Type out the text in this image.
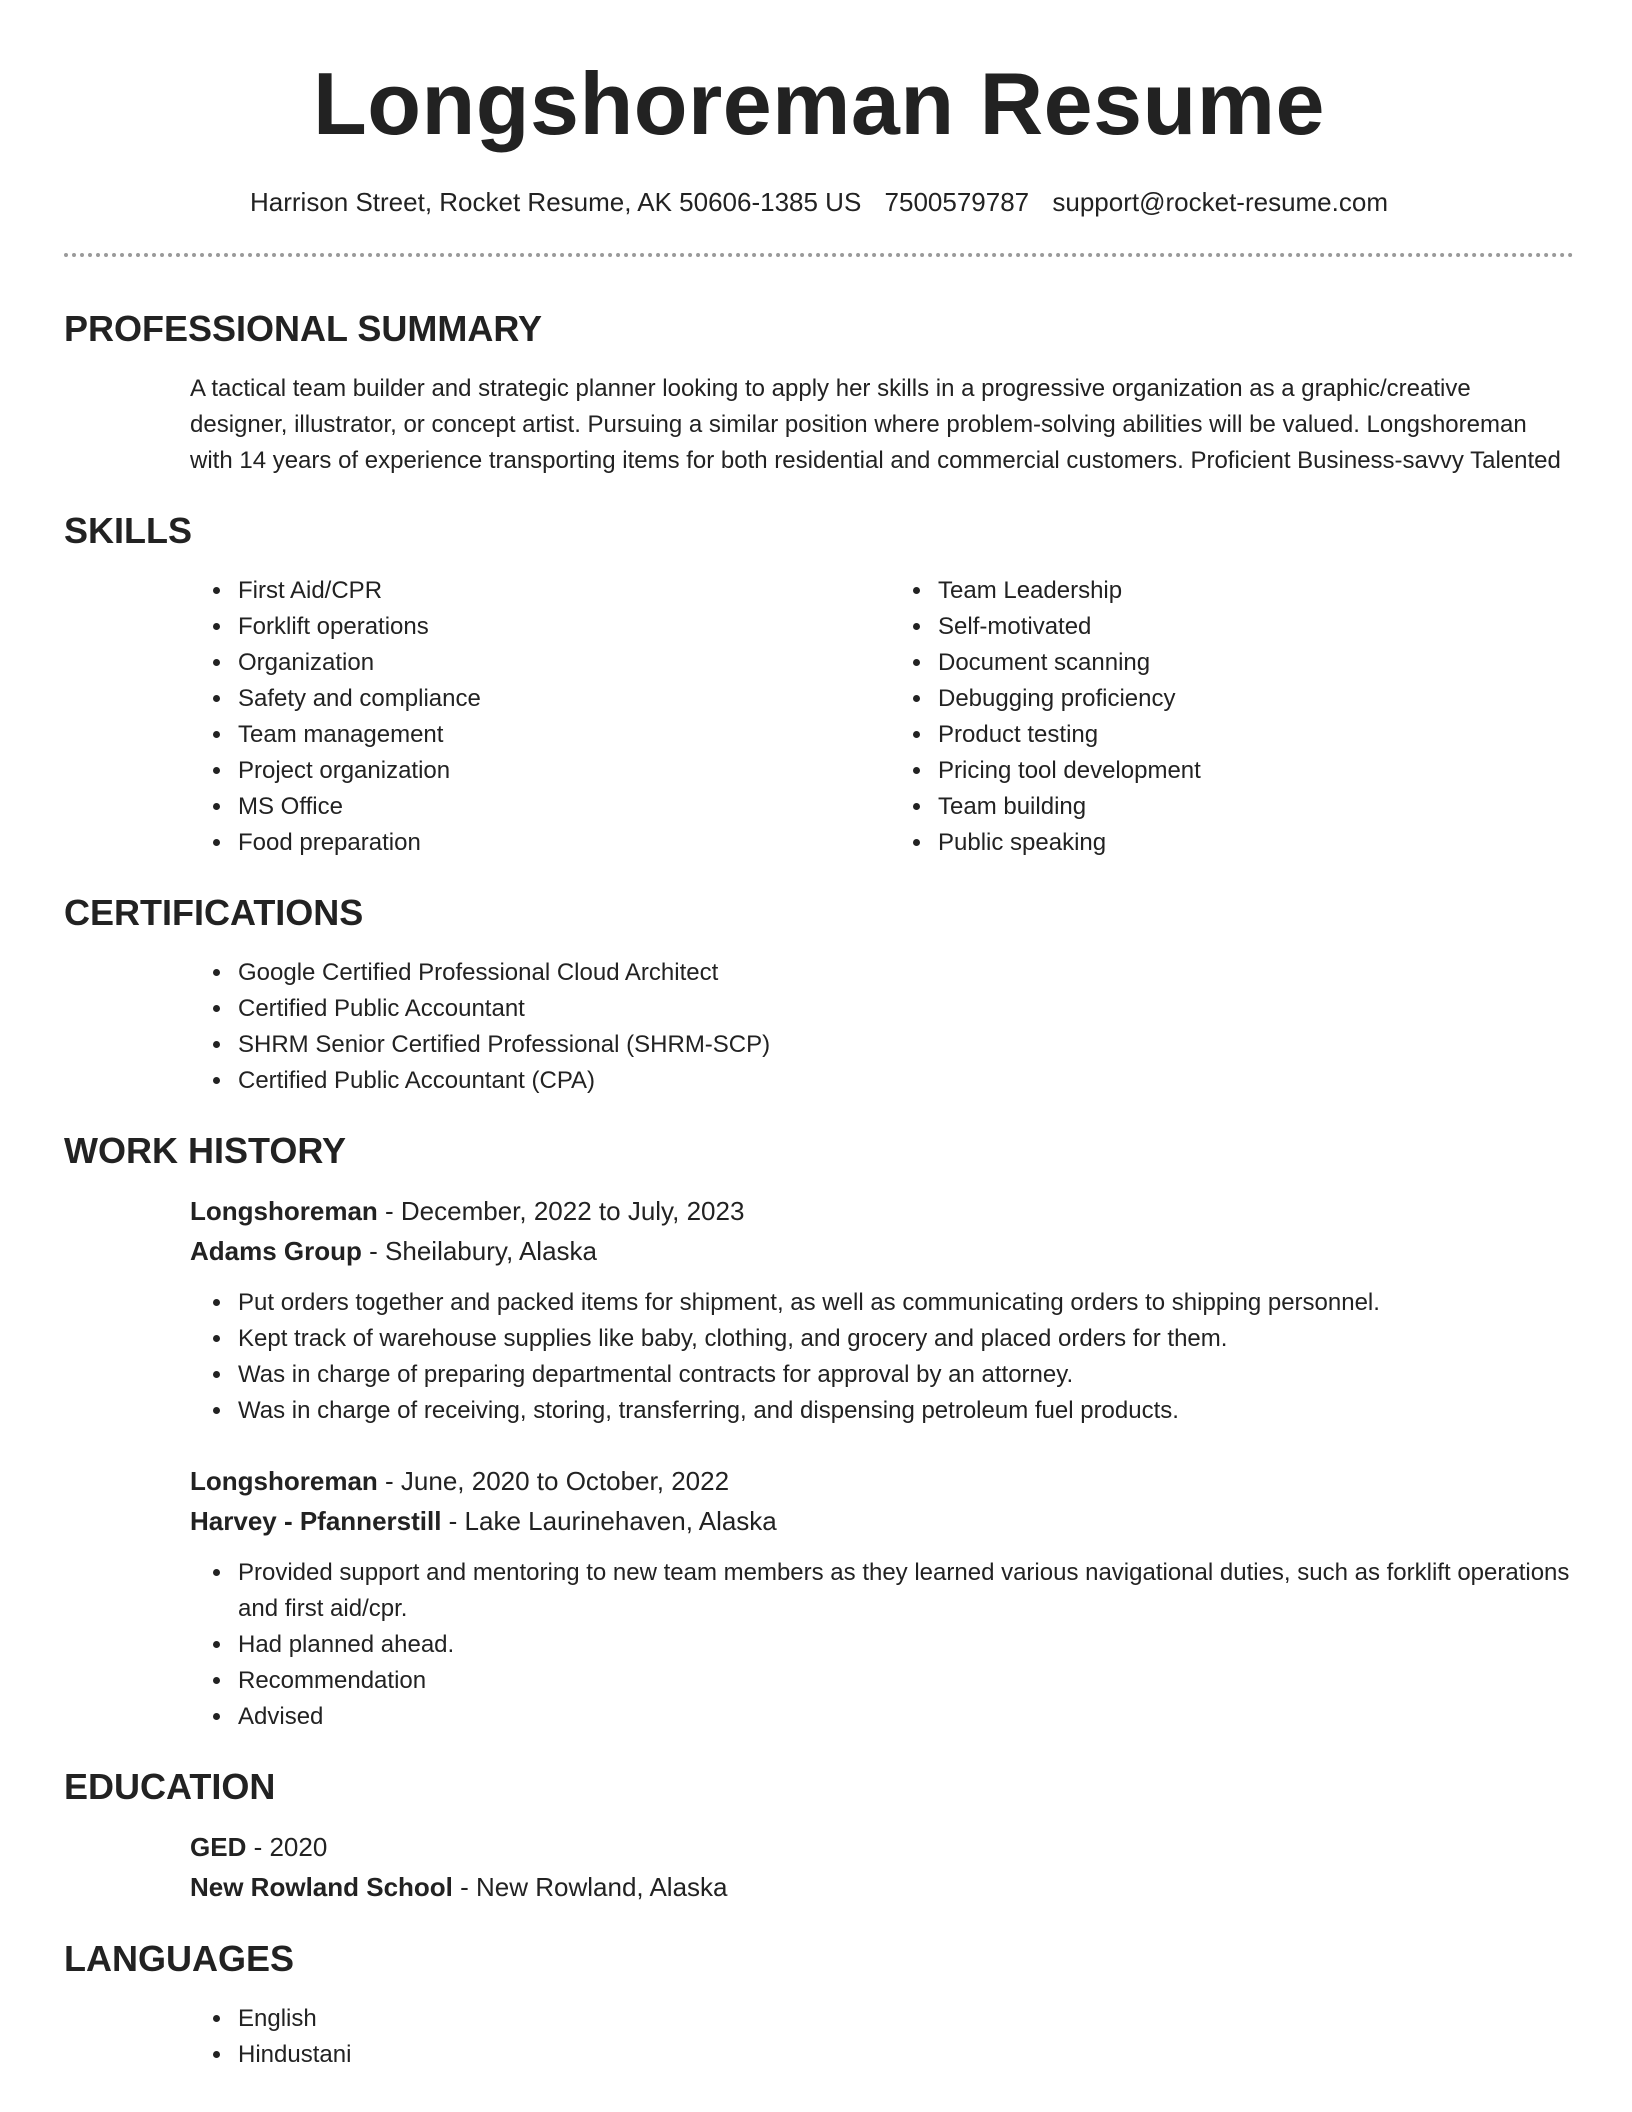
Longshoreman Resume
Harrison Street, Rocket Resume, AK 50606-1385 US 7500579787 support@rocket-resume.com
PROFESSIONAL SUMMARY

A tactical team builder and strategic planner looking to apply her skills in a progressive organization as a graphic/creative designer, illustrator, or concept artist. Pursuing a similar position where problem-solving abilities will be valued. Longshoreman with 14 years of experience transporting items for both residential and commercial customers. Proficient Business-savvy Talented

SKILLS
• First Aid/CPR
• Forklift operations
• Organization
• Safety and compliance
• Team management
• Project organization
• MS Office
• Food preparation
• Team Leadership
• Self-motivated
• Document scanning
• Debugging proficiency
• Product testing
• Pricing tool development
• Team building
• Public speaking
CERTIFICATIONS
• Google Certified Professional Cloud Architect
• Certified Public Accountant
• SHRM Senior Certified Professional (SHRM-SCP)
• Certified Public Accountant (CPA)
WORK HISTORY
Longshoreman - December, 2022 to July, 2023
Adams Group - Sheilabury, Alaska
• Put orders together and packed items for shipment, as well as communicating orders to shipping personnel.
• Kept track of warehouse supplies like baby, clothing, and grocery and placed orders for them.
• Was in charge of preparing departmental contracts for approval by an attorney.
• Was in charge of receiving, storing, transferring, and dispensing petroleum fuel products.
Longshoreman - June, 2020 to October, 2022
Harvey - Pfannerstill - Lake Laurinehaven, Alaska
• Provided support and mentoring to new team members as they learned various navigational duties, such as forklift operations and first aid/cpr.
• Had planned ahead.
• Recommendation
• Advised
EDUCATION
GED - 2020
New Rowland School - New Rowland, Alaska
LANGUAGES
• English
• Hindustani
